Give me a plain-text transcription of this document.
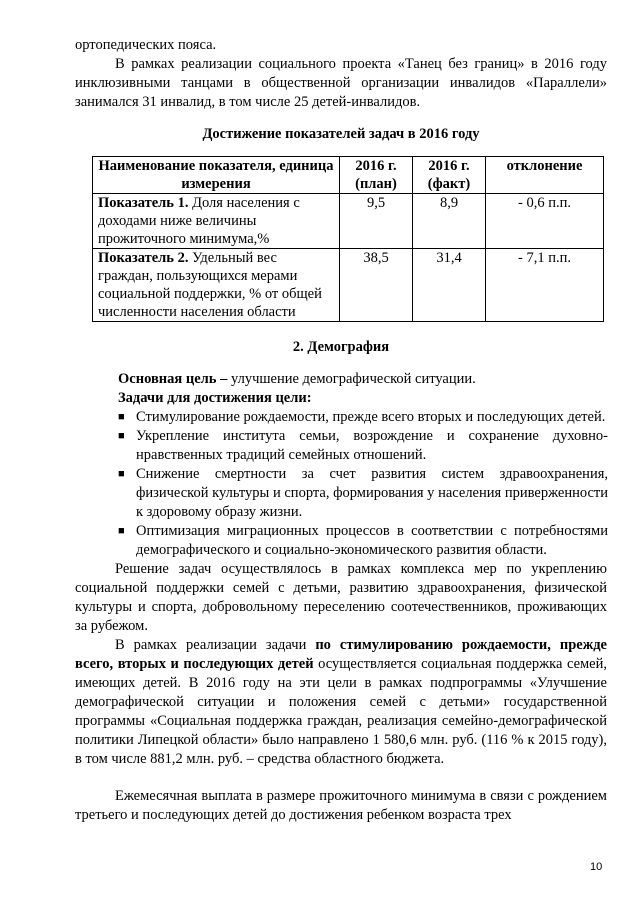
ортопедических пояса.
В рамках реализации социального проекта «Танец без границ» в 2016 году инклюзивными танцами в общественной организации инвалидов «Параллели» занимался 31 инвалид, в том числе 25 детей-инвалидов.
Достижение показателей задач в 2016 году
Наименование показателя, единица измерения	2016 г. (план)	2016 г. (факт)	отклонение
Показатель 1. Доля населения с доходами ниже величины прожиточного минимума,%	9,5	8,9	- 0,6 п.п.
Показатель 2. Удельный вес граждан, пользующихся мерами социальной поддержки, % от общей численности населения области	38,5	31,4	- 7,1 п.п.
2. Демография
Основная цель – улучшение демографической ситуации.
Задачи для достижения цели:
■ Стимулирование рождаемости, прежде всего вторых и последующих детей.
■ Укрепление института семьи, возрождение и сохранение духовно-нравственных традиций семейных отношений.
■ Снижение смертности за счет развития систем здравоохранения, физической культуры и спорта, формирования у населения приверженности к здоровому образу жизни.
■ Оптимизация миграционных процессов в соответствии с потребностями демографического и социально-экономического развития области.
Решение задач осуществлялось в рамках комплекса мер по укреплению социальной поддержки семей с детьми, развитию здравоохранения, физической культуры и спорта, добровольному переселению соотечественников, проживающих за рубежом.
В рамках реализации задачи по стимулированию рождаемости, прежде всего, вторых и последующих детей осуществляется социальная поддержка семей, имеющих детей. В 2016 году на эти цели в рамках подпрограммы «Улучшение демографической ситуации и положения семей с детьми» государственной программы «Социальная поддержка граждан, реализация семейно-демографической политики Липецкой области» было направлено 1 580,6 млн. руб. (116 % к 2015 году), в том числе 881,2 млн. руб. – средства областного бюджета.
Ежемесячная выплата в размере прожиточного минимума в связи с рождением третьего и последующих детей до достижения ребенком возраста трех
10
